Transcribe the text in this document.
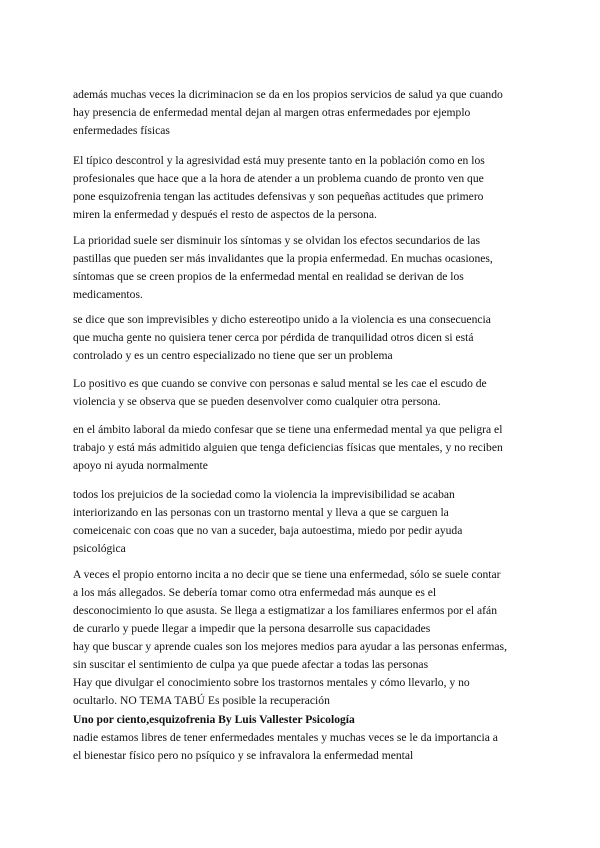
además muchas veces la dicriminacion se da en los propios servicios de salud ya que cuando
hay presencia de enfermedad mental dejan al margen otras enfermedades por ejemplo
enfermedades físicas
El típico descontrol y la agresividad está muy presente tanto en la población como en los
profesionales que hace que a la hora de atender a un problema cuando de pronto ven que
pone esquizofrenia tengan las actitudes defensivas y son pequeñas actitudes que primero
miren la enfermedad y después el resto de aspectos de la persona.
La prioridad suele ser disminuir los síntomas y se olvidan los efectos secundarios de las
pastillas que pueden ser más invalidantes que la propia enfermedad. En muchas ocasiones,
síntomas que se creen propios de la enfermedad mental en realidad se derivan de los
medicamentos.
se dice que son imprevisibles y dicho estereotipo unido a la violencia es una consecuencia
que mucha gente no quisiera tener cerca por pérdida de tranquilidad otros dicen si está
controlado y es un centro especializado no tiene que ser un problema
Lo positivo es que cuando se convive con personas e salud mental se les cae el escudo de
violencia y se observa que se pueden desenvolver como cualquier otra persona.
en el ámbito laboral da miedo confesar que se tiene una enfermedad mental ya que peligra el
trabajo y está más admitido alguien que tenga deficiencias físicas que mentales, y no reciben
apoyo ni ayuda normalmente
todos los prejuicios de la sociedad como la violencia la imprevisibilidad se acaban
interiorizando en las personas con un trastorno mental y lleva a que se carguen la
comeicenaic con coas que no van a suceder, baja autoestima, miedo por pedir ayuda
psicológica
A veces el propio entorno incita a no decir que se tiene una enfermedad, sólo se suele contar
a los más allegados. Se debería tomar como otra enfermedad más aunque es el
desconocimiento lo que asusta. Se llega a estigmatizar a los familiares enfermos por el afán
de curarlo y puede llegar a impedir que la persona desarrolle sus capacidades
hay que buscar y aprende cuales son los mejores medios para ayudar a las personas enfermas,
sin suscitar el sentimiento de culpa ya que puede afectar a todas las personas
Hay que divulgar el conocimiento sobre los trastornos mentales y cómo llevarlo, y no
ocultarlo. NO TEMA TABÚ Es posible la recuperación
Uno por ciento,esquizofrenia By Luis Vallester Psicología
nadie estamos libres de tener enfermedades mentales y muchas veces se le da importancia a
el bienestar físico pero no psíquico y se infravalora la enfermedad mental
